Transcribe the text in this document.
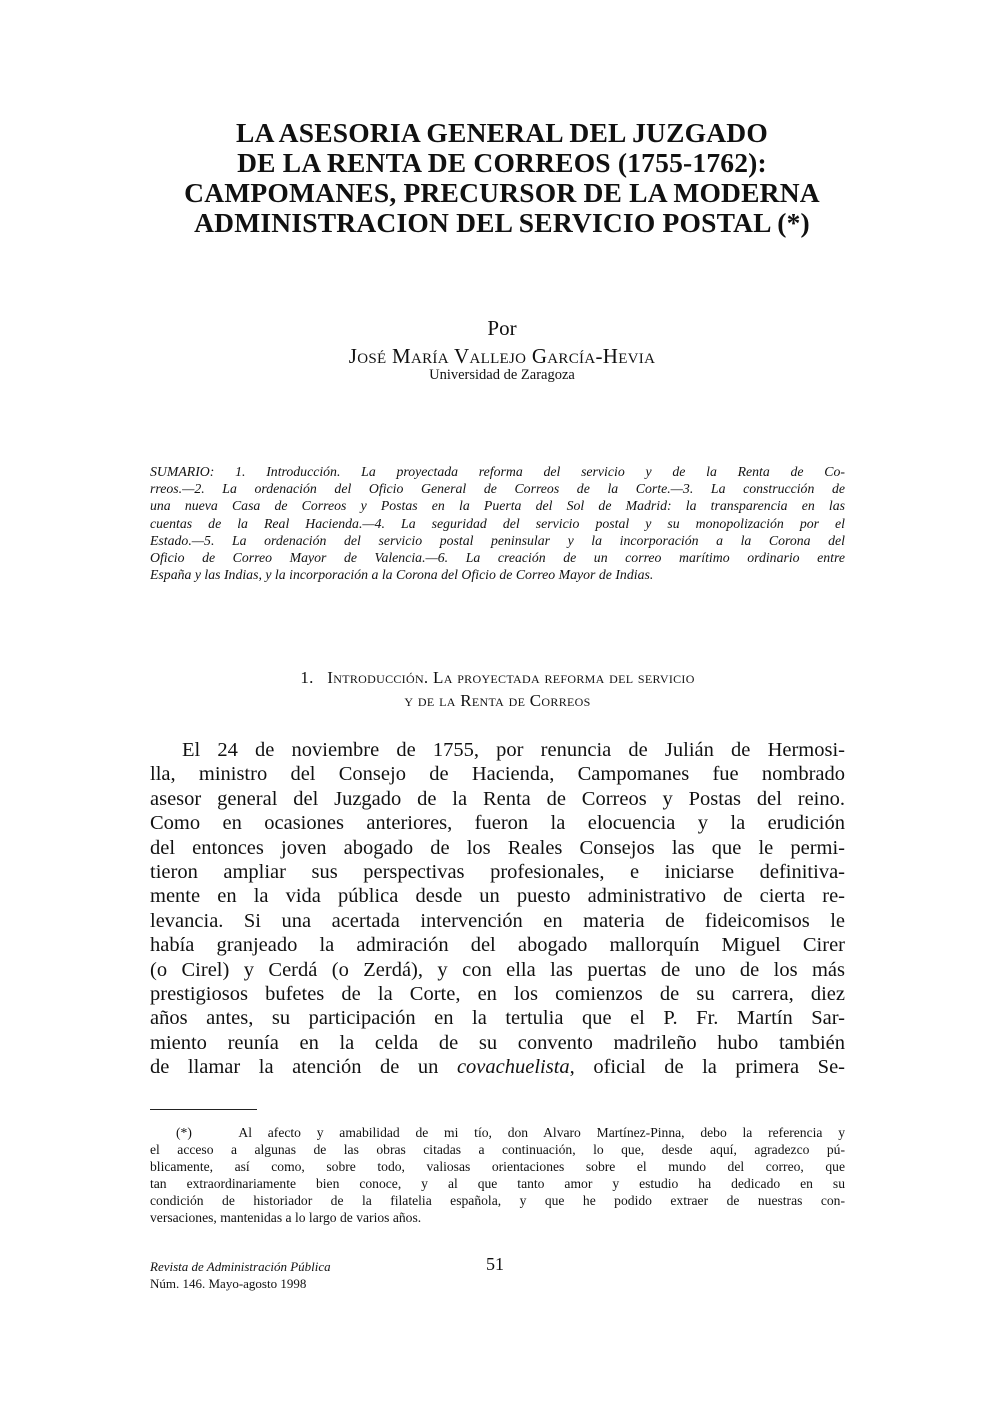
LA ASESORIA GENERAL DEL JUZGADO
DE LA RENTA DE CORREOS (1755-1762):
CAMPOMANES, PRECURSOR DE LA MODERNA
ADMINISTRACION DEL SERVICIO POSTAL (*)
Por
José María Vallejo García-Hevia
Universidad de Zaragoza
SUMARIO: 1. Introducción. La proyectada reforma del servicio y de la Renta de Co-
rreos.—2. La ordenación del Oficio General de Correos de la Corte.—3. La construcción de
una nueva Casa de Correos y Postas en la Puerta del Sol de Madrid: la transparencia en las
cuentas de la Real Hacienda.—4. La seguridad del servicio postal y su monopolización por el
Estado.—5. La ordenación del servicio postal peninsular y la incorporación a la Corona del
Oficio de Correo Mayor de Valencia.—6. La creación de un correo marítimo ordinario entre
España y las Indias, y la incorporación a la Corona del Oficio de Correo Mayor de Indias.
1.   Introducción. La proyectada reforma del servicio
y de la Renta de Correos
El 24 de noviembre de 1755, por renuncia de Julián de Hermosi-
lla, ministro del Consejo de Hacienda, Campomanes fue nombrado
asesor general del Juzgado de la Renta de Correos y Postas del reino.
Como en ocasiones anteriores, fueron la elocuencia y la erudición
del entonces joven abogado de los Reales Consejos las que le permi-
tieron ampliar sus perspectivas profesionales, e iniciarse definitiva-
mente en la vida pública desde un puesto administrativo de cierta re-
levancia. Si una acertada intervención en materia de fideicomisos le
había granjeado la admiración del abogado mallorquín Miguel Cirer
(o Cirel) y Cerdá (o Zerdá), y con ella las puertas de uno de los más
prestigiosos bufetes de la Corte, en los comienzos de su carrera, diez
años antes, su participación en la tertulia que el P. Fr. Martín Sar-
miento reunía en la celda de su convento madrileño hubo también
de llamar la atención de un covachuelista, oficial de la primera Se-
(*)   Al afecto y amabilidad de mi tío, don Alvaro Martínez-Pinna, debo la referencia y
el acceso a algunas de las obras citadas a continuación, lo que, desde aquí, agradezco pú-
blicamente, así como, sobre todo, valiosas orientaciones sobre el mundo del correo, que
tan extraordinariamente bien conoce, y al que tanto amor y estudio ha dedicado en su
condición de historiador de la filatelia española, y que he podido extraer de nuestras con-
versaciones, mantenidas a lo largo de varios años.
Revista de Administración Pública
Núm. 146. Mayo-agosto 1998
51
